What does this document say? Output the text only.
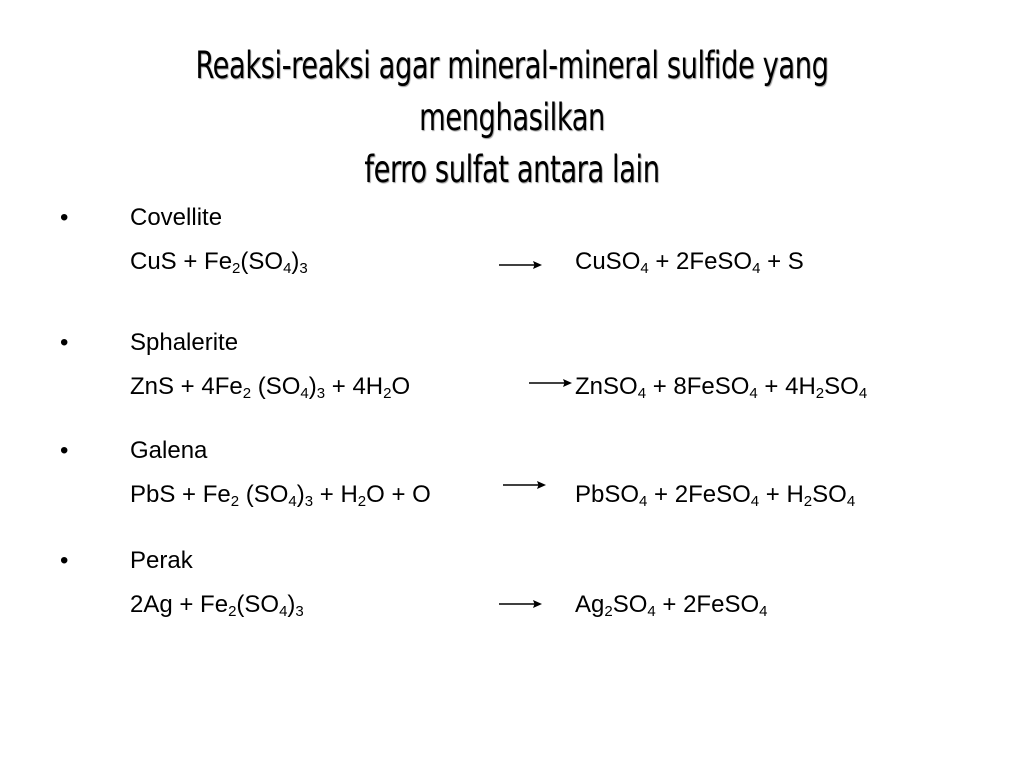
Reaksi-reaksi agar mineral-mineral sulfide yang menghasilkan
ferro sulfat antara lain
•	Covellite
CuS + $Fe_2(SO_4)_3$	CuSO$_4$ + 2FeSO$_4$ + S
•	Sphalerite
ZnS + $4Fe_2$ $(SO_4)_3 + 4H_2O$	ZnSO$_4$ + 8FeSO$_4$ + $4H_2SO_4$
•	Galena
PbS + $Fe_2$ $(SO_4)_3 + H_2O + O$	PbSO$_4$ + 2FeSO$_4$ + $H_2SO_4$
•	Perak
$2Ag + Fe_2(SO_4)_3$	$Ag_2SO_4$ + 2FeSO$_4$
